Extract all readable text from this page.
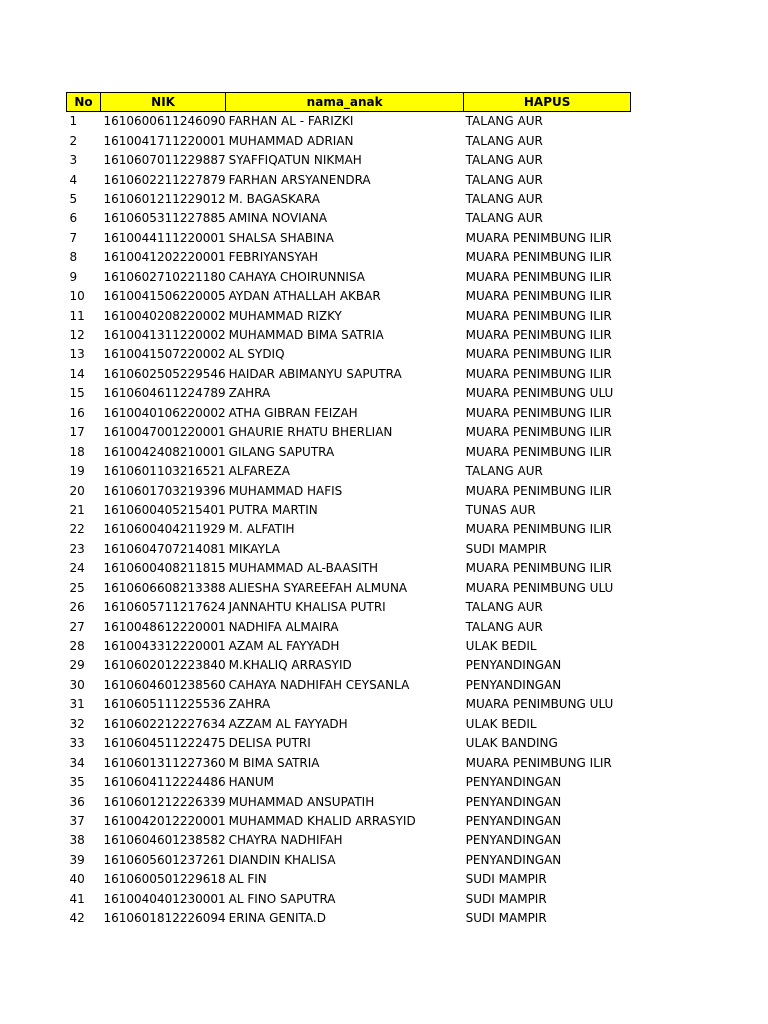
No	NIK	nama_anak	HAPUS
1	1610600611246090	FARHAN AL - FARIZKI	TALANG AUR
2	1610041711220001	MUHAMMAD ADRIAN	TALANG AUR
3	1610607011229887	SYAFFIQATUN NIKMAH	TALANG AUR
4	1610602211227879	FARHAN ARSYANENDRA	TALANG AUR
5	1610601211229012	M. BAGASKARA	TALANG AUR
6	1610605311227885	AMINA NOVIANA	TALANG AUR
7	1610044111220001	SHALSA SHABINA	MUARA PENIMBUNG ILIR
8	1610041202220001	FEBRIYANSYAH	MUARA PENIMBUNG ILIR
9	1610602710221180	CAHAYA CHOIRUNNISA	MUARA PENIMBUNG ILIR
10	1610041506220005	AYDAN ATHALLAH AKBAR	MUARA PENIMBUNG ILIR
11	1610040208220002	MUHAMMAD RIZKY	MUARA PENIMBUNG ILIR
12	1610041311220002	MUHAMMAD BIMA SATRIA	MUARA PENIMBUNG ILIR
13	1610041507220002	AL SYDIQ	MUARA PENIMBUNG ILIR
14	1610602505229546	HAIDAR ABIMANYU SAPUTRA	MUARA PENIMBUNG ILIR
15	1610604611224789	ZAHRA	MUARA PENIMBUNG ULU
16	1610040106220002	ATHA GIBRAN FEIZAH	MUARA PENIMBUNG ILIR
17	1610047001220001	GHAURIE RHATU BHERLIAN	MUARA PENIMBUNG ILIR
18	1610042408210001	GILANG SAPUTRA	MUARA PENIMBUNG ILIR
19	1610601103216521	ALFAREZA	TALANG AUR
20	1610601703219396	MUHAMMAD HAFIS	MUARA PENIMBUNG ILIR
21	1610600405215401	PUTRA MARTIN	TUNAS AUR
22	1610600404211929	M. ALFATIH	MUARA PENIMBUNG ILIR
23	1610604707214081	MIKAYLA	SUDI MAMPIR
24	1610600408211815	MUHAMMAD AL-BAASITH	MUARA PENIMBUNG ILIR
25	1610606608213388	ALIESHA SYAREEFAH ALMUNA	MUARA PENIMBUNG ULU
26	1610605711217624	JANNAHTU KHALISA PUTRI	TALANG AUR
27	1610048612220001	NADHIFA ALMAIRA	TALANG AUR
28	1610043312220001	AZAM AL FAYYADH	ULAK BEDIL
29	1610602012223840	M.KHALIQ ARRASYID	PENYANDINGAN
30	1610604601238560	CAHAYA NADHIFAH CEYSANLA	PENYANDINGAN
31	1610605111225536	ZAHRA	MUARA PENIMBUNG ULU
32	1610602212227634	AZZAM AL FAYYADH	ULAK BEDIL
33	1610604511222475	DELISA PUTRI	ULAK BANDING
34	1610601311227360	M BIMA SATRIA	MUARA PENIMBUNG ILIR
35	1610604112224486	HANUM	PENYANDINGAN
36	1610601212226339	MUHAMMAD ANSUPATIH	PENYANDINGAN
37	1610042012220001	MUHAMMAD KHALID ARRASYID	PENYANDINGAN
38	1610604601238582	CHAYRA NADHIFAH	PENYANDINGAN
39	1610605601237261	DIANDIN KHALISA	PENYANDINGAN
40	1610600501229618	AL FIN	SUDI MAMPIR
41	1610040401230001	AL FINO SAPUTRA	SUDI MAMPIR
42	1610601812226094	ERINA GENITA.D	SUDI MAMPIR
